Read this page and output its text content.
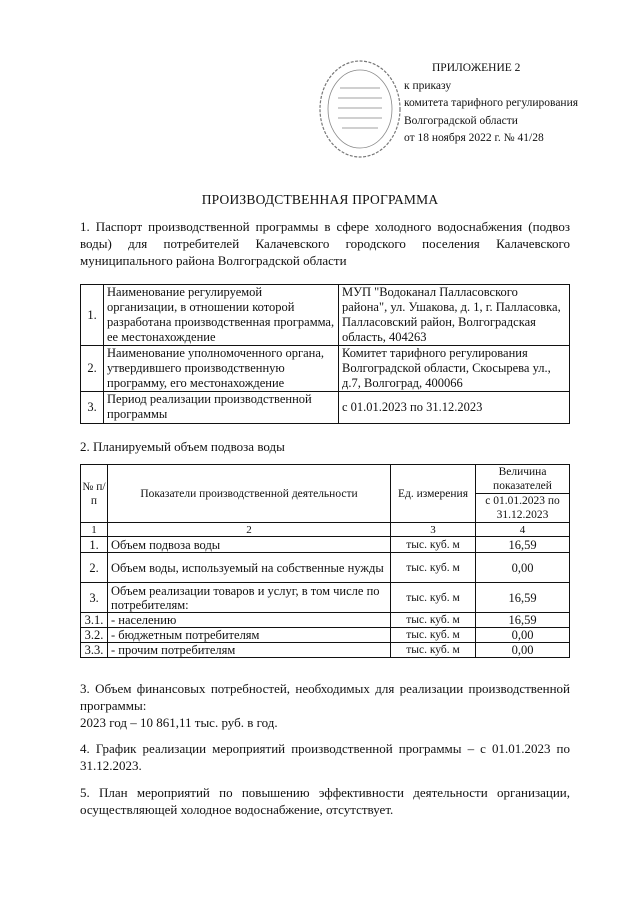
ПРИЛОЖЕНИЕ 2
к приказу
комитета тарифного регулирования
Волгоградской области
от 18 ноября 2022 г. № 41/28
ПРОИЗВОДСТВЕННАЯ ПРОГРАММА
1. Паспорт производственной программы в сфере холодного водоснабжения (подвоз воды) для потребителей Калачевского городского поселения Калачевского муниципального района Волгоградской области
1.	Наименование регулируемой организации, в отношении которой разработана производственная программа, ее местонахождение	МУП "Водоканал Палласовского района", ул. Ушакова, д. 1, г. Палласовка, Палласовский район, Волгоградская область, 404263
2.	Наименование уполномоченного органа, утвердившего производственную программу, его местонахождение	Комитет тарифного регулирования Волгоградской области, Скосырева ул., д.7, Волгоград, 400066
3.	Период реализации производственной программы	с 01.01.2023 по 31.12.2023
2. Планируемый объем подвоза воды
№ п/п	Показатели производственной деятельности	Ед. измерения	Величина показателей
			с 01.01.2023 по 31.12.2023
1	2	3	4
1.	Объем подвоза воды	тыс. куб. м	16,59
2.	Объем воды, используемый на собственные нужды	тыс. куб. м	0,00
3.	Объем реализации товаров и услуг, в том числе по потребителям:	тыс. куб. м	16,59
3.1.	- населению	тыс. куб. м	16,59
3.2.	- бюджетным потребителям	тыс. куб. м	0,00
3.3.	- прочим потребителям	тыс. куб. м	0,00
3. Объем финансовых потребностей, необходимых для реализации производственной программы:
2023 год – 10 861,11 тыс. руб. в год.
4. График реализации мероприятий производственной программы – с 01.01.2023 по 31.12.2023.
5. План мероприятий по повышению эффективности деятельности организации, осуществляющей холодное водоснабжение, отсутствует.
